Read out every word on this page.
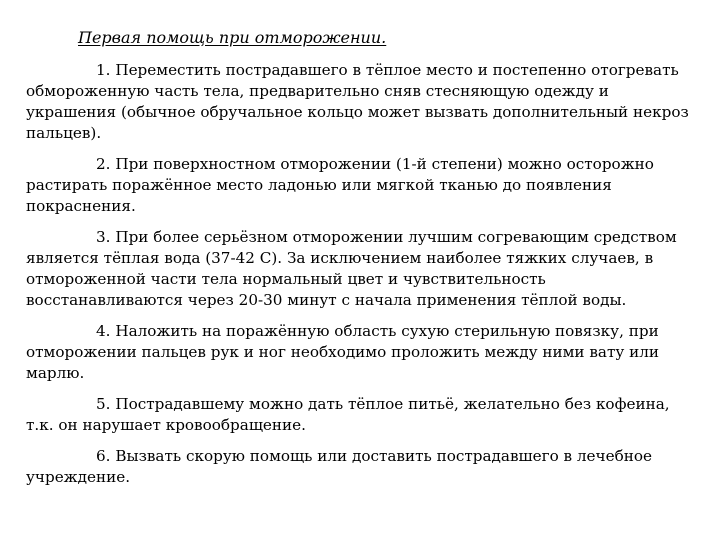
Первая помощь при отморожении.
1. Переместить пострадавшего в тёплое место и постепенно отогревать обмороженную часть тела, предварительно сняв стесняющую одежду и украшения (обычное обручальное кольцо может вызвать дополнительный некроз пальцев).
2. При поверхностном отморожении (1-й степени) можно осторожно растирать поражённое место ладонью или мягкой тканью до появления покраснения.
3. При более серьёзном отморожении лучшим согревающим средством является тёплая вода (37-42 С). За исключением наиболее тяжких случаев, в отмороженной части тела нормальный цвет и чувствительность восстанавливаются через 20-30 минут с начала применения тёплой воды.
4. Наложить на поражённую область сухую стерильную повязку, при отморожении пальцев рук и ног необходимо проложить между ними вату или марлю.
5. Пострадавшему можно дать тёплое питьё, желательно без кофеина, т.к. он нарушает кровообращение.
6. Вызвать скорую помощь или доставить пострадавшего в лечебное учреждение.
